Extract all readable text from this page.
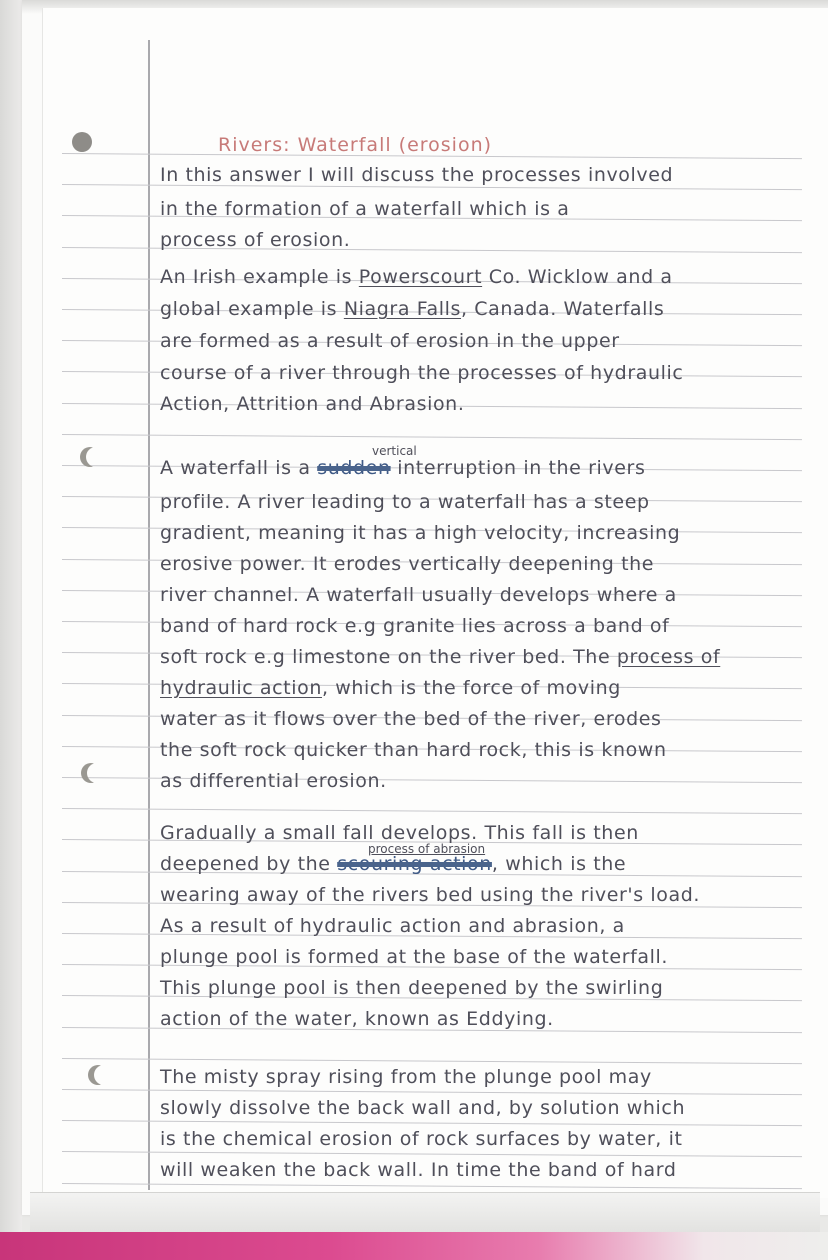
Rivers: Waterfall (erosion)
In this answer I will discuss the processes involved
in the formation of a waterfall which is a
process of erosion.
An Irish example is Powerscourt Co. Wicklow and a
global example is Niagra Falls, Canada. Waterfalls
are formed as a result of erosion in the upper
course of a river through the processes of hydraulic
Action, Attrition and Abrasion.
vertical
A waterfall is a sudden interruption in the rivers
profile. A river leading to a waterfall has a steep
gradient, meaning it has a high velocity, increasing
erosive power. It erodes vertically deepening the
river channel. A waterfall usually develops where a
band of hard rock e.g granite lies across a band of
soft rock e.g limestone on the river bed. The process of
hydraulic action, which is the force of moving
water as it flows over the bed of the river, erodes
the soft rock quicker than hard rock, this is known
as differential erosion.
Gradually a small fall develops. This fall is then
process of abrasion
deepened by the scouring action, which is the
wearing away of the rivers bed using the river's load.
As a result of hydraulic action and abrasion, a
plunge pool is formed at the base of the waterfall.
This plunge pool is then deepened by the swirling
action of the water, known as Eddying.
The misty spray rising from the plunge pool may
slowly dissolve the back wall and, by solution which
is the chemical erosion of rock surfaces by water, it
will weaken the back wall. In time the band of hard
